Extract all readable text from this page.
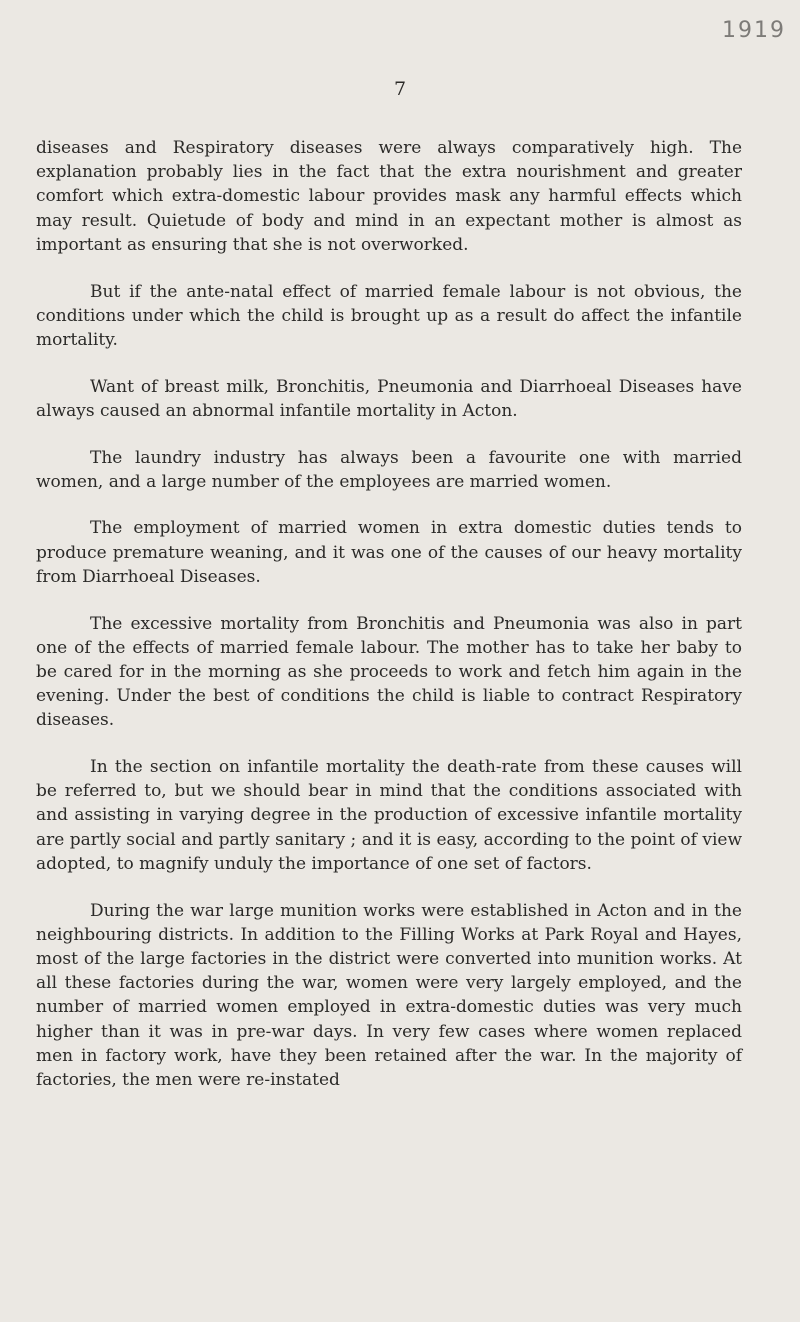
1919
7

diseases and Respiratory diseases were always comparatively high. The explanation probably lies in the fact that the extra nourishment and greater comfort which extra-domestic labour provides mask any harmful effects which may result. Quietude of body and mind in an expectant mother is almost as important as ensuring that she is not overworked.

But if the ante-natal effect of married female labour is not obvious, the conditions under which the child is brought up as a result do affect the infantile mortality.

Want of breast milk, Bronchitis, Pneumonia and Diarrhoeal Diseases have always caused an abnormal infantile mortality in Acton.

The laundry industry has always been a favourite one with married women, and a large number of the employees are married women.

The employment of married women in extra domestic duties tends to produce premature weaning, and it was one of the causes of our heavy mortality from Diarrhoeal Diseases.

The excessive mortality from Bronchitis and Pneumonia was also in part one of the effects of married female labour. The mother has to take her baby to be cared for in the morning as she proceeds to work and fetch him again in the evening. Under the best of conditions the child is liable to contract Respiratory diseases.

In the section on infantile mortality the death-rate from these causes will be referred to, but we should bear in mind that the conditions associated with and assisting in varying degree in the production of excessive infantile mortality are partly social and partly sanitary ; and it is easy, according to the point of view adopted, to magnify unduly the importance of one set of factors.

During the war large munition works were established in Acton and in the neighbouring districts. In addition to the Filling Works at Park Royal and Hayes, most of the large factories in the district were converted into munition works. At all these factories during the war, women were very largely employed, and the number of married women employed in extra-domestic duties was very much higher than it was in pre-war days. In very few cases where women replaced men in factory work, have they been retained after the war. In the majority of factories, the men were re-instated
